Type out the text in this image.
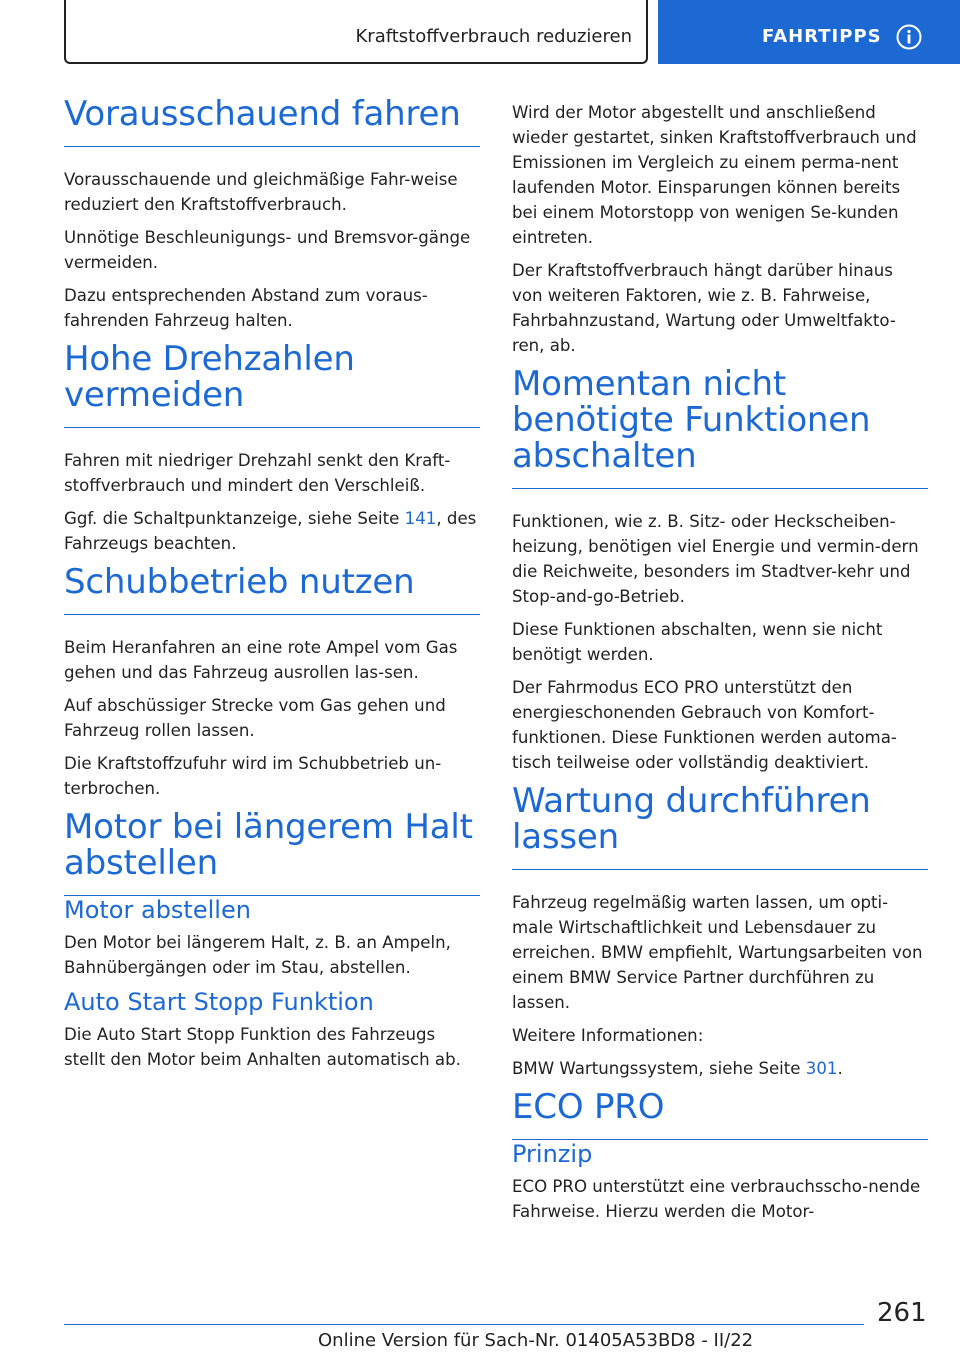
Kraftstoffverbrauch reduzieren	FAHRTIPPS
Vorausschauend fahren

Vorausschauende und gleichmäßige Fahr-weise reduziert den Kraftstoffverbrauch.

Unnötige Beschleunigungs- und Bremsvor-gänge vermeiden.

Dazu entsprechenden Abstand zum voraus-fahrenden Fahrzeug halten.

Hohe Drehzahlen vermeiden

Fahren mit niedriger Drehzahl senkt den Kraft-stoffverbrauch und mindert den Verschleiß.

Ggf. die Schaltpunktanzeige, siehe Seite 141, des Fahrzeugs beachten.

Schubbetrieb nutzen

Beim Heranfahren an eine rote Ampel vom Gas gehen und das Fahrzeug ausrollen las-sen.

Auf abschüssiger Strecke vom Gas gehen und Fahrzeug rollen lassen.

Die Kraftstoffzufuhr wird im Schubbetrieb un-terbrochen.

Motor bei längerem Halt abstellen
Motor abstellen

Den Motor bei längerem Halt, z. B. an Ampeln, Bahnübergängen oder im Stau, abstellen.

Auto Start Stopp Funktion

Die Auto Start Stopp Funktion des Fahrzeugs stellt den Motor beim Anhalten automatisch ab.

Wird der Motor abgestellt und anschließend wieder gestartet, sinken Kraftstoffverbrauch und Emissionen im Vergleich zu einem perma-nent laufenden Motor. Einsparungen können bereits bei einem Motorstopp von wenigen Se-kunden eintreten.

Der Kraftstoffverbrauch hängt darüber hinaus von weiteren Faktoren, wie z. B. Fahrweise, Fahrbahnzustand, Wartung oder Umweltfakto-ren, ab.

Momentan nicht benötigte Funktionen abschalten

Funktionen, wie z. B. Sitz- oder Heckscheiben-heizung, benötigen viel Energie und vermin-dern die Reichweite, besonders im Stadtver-kehr und Stop-and-go-Betrieb.

Diese Funktionen abschalten, wenn sie nicht benötigt werden.

Der Fahrmodus ECO PRO unterstützt den energieschonenden Gebrauch von Komfort-funktionen. Diese Funktionen werden automa-tisch teilweise oder vollständig deaktiviert.

Wartung durchführen lassen

Fahrzeug regelmäßig warten lassen, um opti-male Wirtschaftlichkeit und Lebensdauer zu erreichen. BMW empfiehlt, Wartungsarbeiten von einem BMW Service Partner durchführen zu lassen.

Weitere Informationen:

BMW Wartungssystem, siehe Seite 301.

ECO PRO
Prinzip

ECO PRO unterstützt eine verbrauchsscho-nende Fahrweise. Hierzu werden die Motor-

261
Online Version für Sach-Nr. 01405A53BD8 - II/22
